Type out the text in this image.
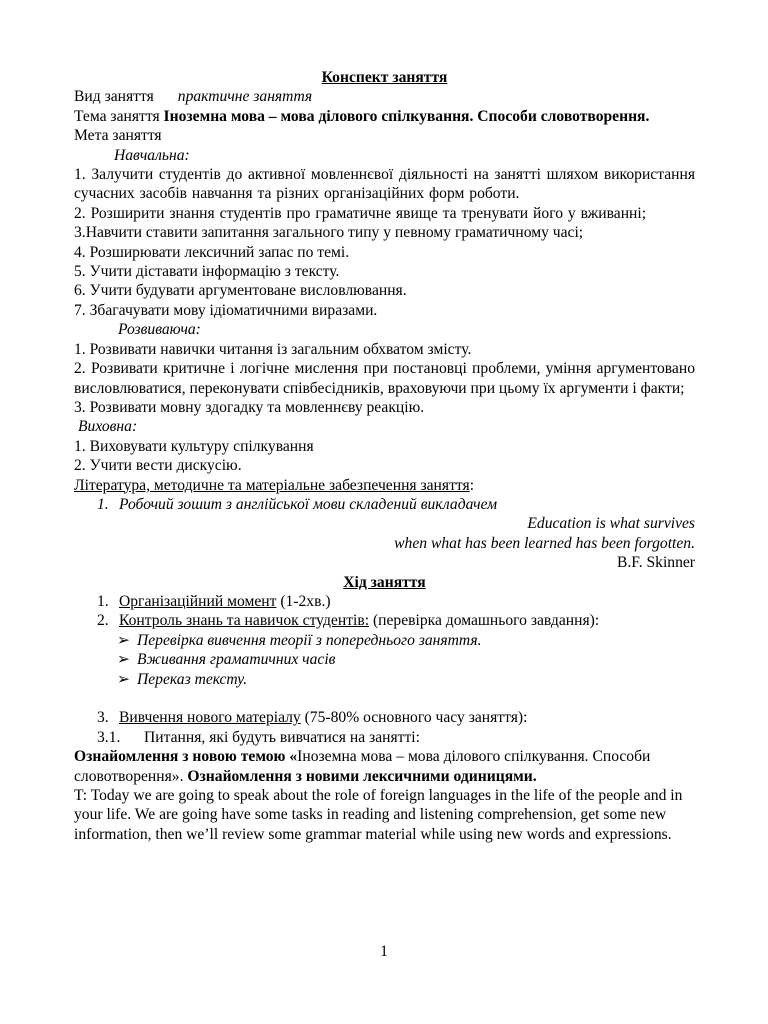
Конспект заняття

Вид заняття практичне заняття

Тема заняття Іноземна мова – мова ділового спілкування. Способи словотворення.

Мета заняття

Навчальна:

1. Залучити студентів до активної мовленнєвої діяльності на занятті шляхом використання сучасних засобів навчання та різних організаційних форм роботи.

2. Розширити знання студентів про граматичне явище та тренувати його у вживанні;

3.Навчити ставити запитання загального типу у певному граматичному часі;

4. Розширювати лексичний запас по темі.

5. Учити діставати інформацію з тексту.

6. Учити будувати аргументоване висловлювання.

7. Збагачувати мову ідіоматичними виразами.

Розвиваюча:

1. Розвивати навички читання із загальним обхватом змісту.

2. Розвивати критичне і логічне мислення при постановці проблеми, уміння аргументовано висловлюватися, переконувати співбесідників, враховуючи при цьому їх аргументи і факти;

3. Розвивати мовну здогадку та мовленнєву реакцію.

Виховна:

1. Виховувати культуру спілкування

2. Учити вести дискусію.

Література, методичне та матеріальне забезпечення заняття:

1. Робочий зошит з англійської мови складений викладачем

Education is what survives

when what has been learned has been forgotten.

B.F. Skinner

Хід заняття

1. Організаційний момент (1-2хв.)

2. Контроль знань та навичок студентів: (перевірка домашнього завдання):

➢ Перевірка вивчення теорії з попереднього заняття.

➢ Вживання граматичних часів

➢ Переказ тексту.

3. Вивчення нового матеріалу (75-80% основного часу заняття):

3.1. Питання, які будуть вивчатися на занятті:

Ознайомлення з новою темою «Іноземна мова – мова ділового спілкування. Способи словотворення». Ознайомлення з новими лексичними одиницями.

T: Today we are going to speak about the role of foreign languages in the life of the people and in your life. We are going have some tasks in reading and listening comprehension, get some new information, then we’ll review some grammar material while using new words and expressions.

1
